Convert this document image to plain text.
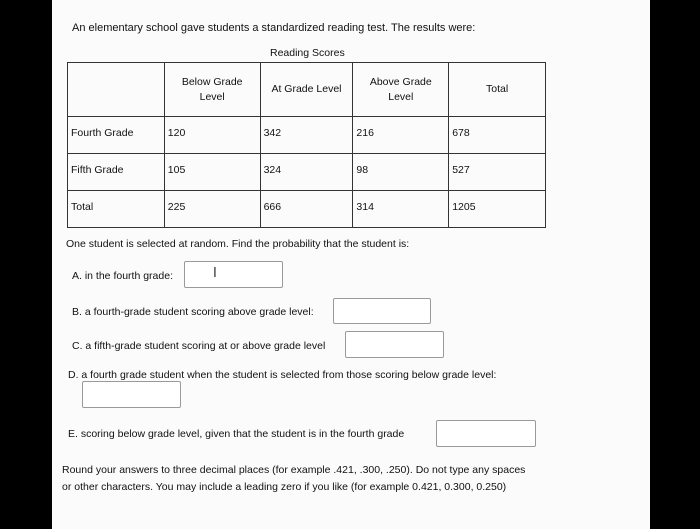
An elementary school gave students a standardized reading test. The results were:
Reading Scores
	Below Grade
Level	At Grade Level	Above Grade
Level	Total
Fourth Grade	120	342	216	678
Fifth Grade	105	324	98	527
Total	225	666	314	1205
One student is selected at random. Find the probability that the student is:
A. in the fourth grade:	I
B. a fourth-grade student scoring above grade level:
C. a fifth-grade student scoring at or above grade level
D. a fourth grade student when the student is selected from those scoring below grade level:
E. scoring below grade level, given that the student is in the fourth grade
Round your answers to three decimal places (for example .421, .300, .250). Do not type any spaces
or other characters. You may include a leading zero if you like (for example 0.421, 0.300, 0.250)
